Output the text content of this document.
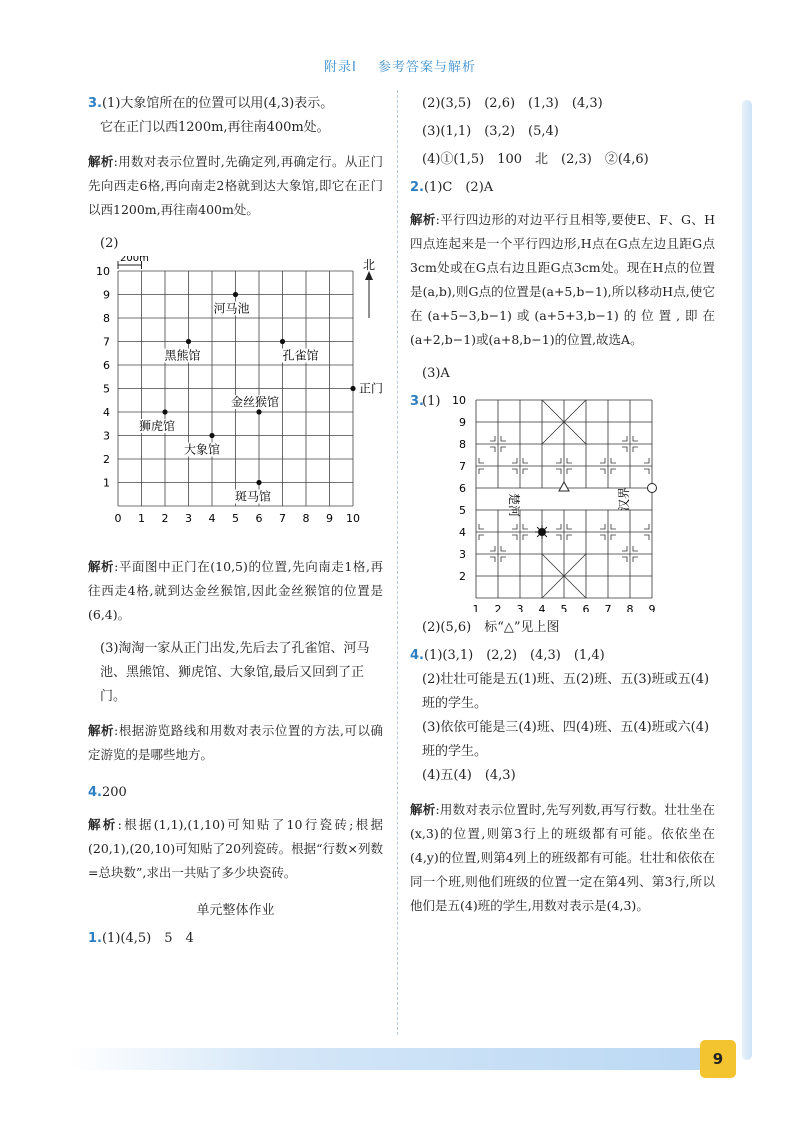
附录Ⅰ 参考答案与解析

3.(1)大象馆所在的位置可以用(4,3)表示。

它在正门以西1200m,再往南400m处。

解析:用数对表示位置时,先确定列,再确定行。从正门先向西走6格,再向南走2格就到达大象馆,即它在正门以西1200m,再往南400m处。

(2)

0 1 2 3 4 5 6 7 8 9 10
1
2
3
4
5
6
7
8
9
10
200m	北
河马池
黑熊馆	孔雀馆
正门
金丝猴馆
狮虎馆
大象馆
斑马馆

解析:平面图中正门在(10,5)的位置,先向南走1格,再往西走4格,就到达金丝猴馆,因此金丝猴馆的位置是(6,4)。

(3)淘淘一家从正门出发,先后去了孔雀馆、河马池、黑熊馆、狮虎馆、大象馆,最后又回到了正门。

解析:根据游览路线和用数对表示位置的方法,可以确定游览的是哪些地方。

4.200

解析:根据(1,1),(1,10)可知贴了10行瓷砖;根据(20,1),(20,10)可知贴了20列瓷砖。根据“行数×列数=总块数”,求出一共贴了多少块瓷砖。

单元整体作业

1.(1)(4,5)　5　4

(2)(3,5)　(2,6)　(1,3)　(4,3)

(3)(1,1)　(3,2)　(5,4)

(4)①(1,5)　100　北　(2,3)　②(4,6)

2.(1)C　(2)A

解析:平行四边形的对边平行且相等,要使E、F、G、H四点连起来是一个平行四边形,H点在G点左边且距G点3cm处或在G点右边且距G点3cm处。现在H点的位置是(a,b),则G点的位置是(a+5,b−1),所以移动H点,使它在(a+5−3,b−1)或(a+5+3,b−1)的位置,即在(a+2,b−1)或(a+8,b−1)的位置,故选A。

(3)A

3.
(1)
楚河	汉界
2
3
4
5
6
7
8
9
10
1 2 3 4 5 6 7 8 9

(2)(5,6)　标“△”见上图

4.(1)(3,1)　(2,2)　(4,3)　(1,4)

(2)壮壮可能是五(1)班、五(2)班、五(3)班或五(4)班的学生。

(3)依依可能是三(4)班、四(4)班、五(4)班或六(4)班的学生。

(4)五(4)　(4,3)

解析:用数对表示位置时,先写列数,再写行数。壮壮坐在(x,3)的位置,则第3行上的班级都有可能。依依坐在(4,y)的位置,则第4列上的班级都有可能。壮壮和依依在同一个班,则他们班级的位置一定在第4列、第3行,所以他们是五(4)班的学生,用数对表示是(4,3)。

9
